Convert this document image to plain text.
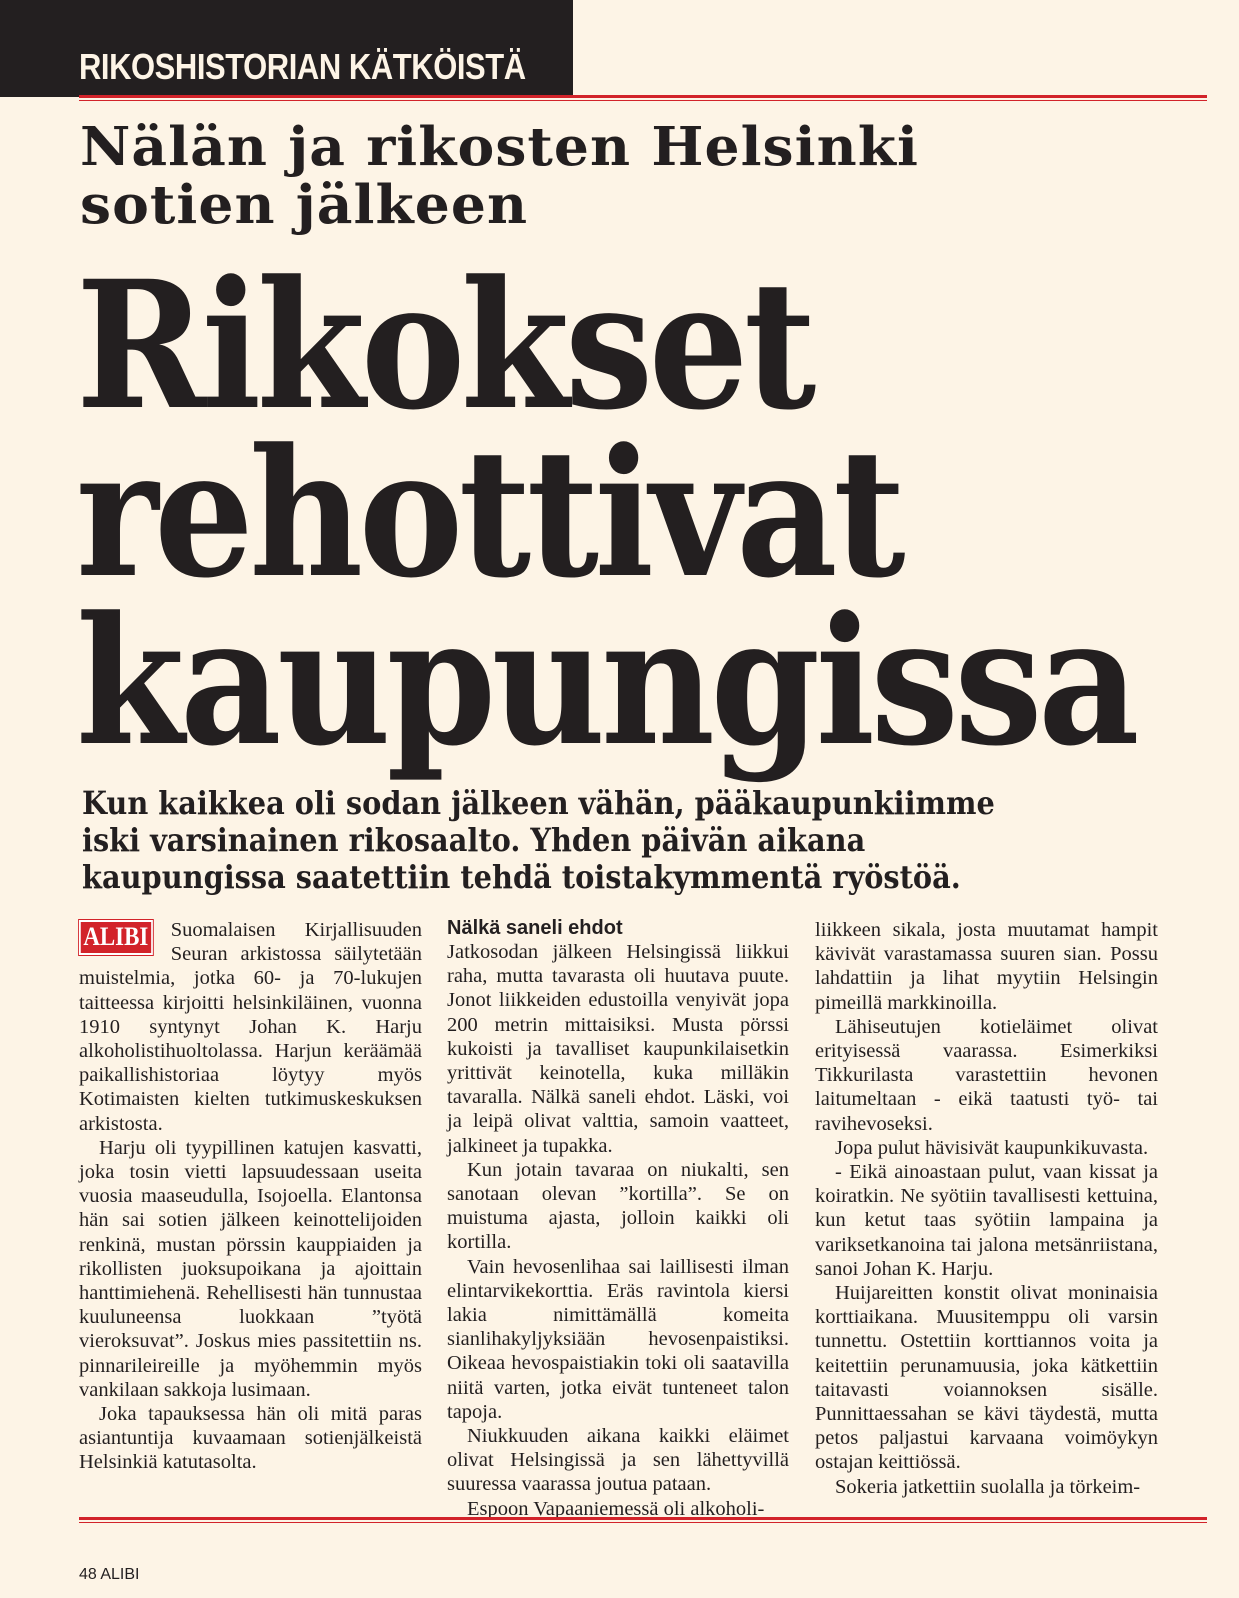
RIKOSHISTORIAN KÄTKÖISTÄ
Nälän ja rikosten Helsinki
sotien jälkeen
Rikokset
rehottivat
kaupungissa
Kun kaikkea oli sodan jälkeen vähän, pääkaupunkiimme
iski varsinainen rikosaalto. Yhden päivän aikana
kaupungissa saatettiin tehdä toistakymmentä ryöstöä.
ALIBI	Suomalaisen Kirjallisuuden Seuran arkistossa säilytetään muistelmia, jotka 60- ja 70-lukujen taitteessa kirjoitti helsinkiläinen, vuonna 1910 syntynyt Johan K. Harju alkoholistihuoltolassa. Harjun keräämää paikallishistoriaa löytyy myös Kotimaisten kielten tutkimuskeskuksen arkistosta.

Harju oli tyypillinen katujen kasvatti, joka tosin vietti lapsuudessaan useita vuosia maaseudulla, Isojoella. Elantonsa hän sai sotien jälkeen keinottelijoiden renkinä, mustan pörssin kauppiaiden ja rikollisten juoksupoikana ja ajoittain hanttimiehenä. Rehellisesti hän tunnustaa kuuluneensa luokkaan ”työtä vieroksuvat”. Joskus mies passitettiin ns. pinnarileireille ja myöhemmin myös vankilaan sakkoja lusimaan.

Joka tapauksessa hän oli mitä paras asiantuntija kuvaamaan sotienjälkeistä Helsinkiä katutasolta.

Nälkä saneli ehdot

Jatkosodan jälkeen Helsingissä liikkui raha, mutta tavarasta oli huutava puute. Jonot liikkeiden edustoilla venyivät jopa 200 metrin mittaisiksi. Musta pörssi kukoisti ja tavalliset kaupunkilaisetkin yrittivät keinotella, kuka milläkin tavaralla. Nälkä saneli ehdot. Läski, voi ja leipä olivat valttia, samoin vaatteet, jalkineet ja tupakka.

Kun jotain tavaraa on niukalti, sen sanotaan olevan ”kortilla”. Se on muistuma ajasta, jolloin kaikki oli kortilla.

Vain hevosenlihaa sai laillisesti ilman elintarvikekorttia. Eräs ravintola kiersi lakia nimittämällä komeita sianlihakyljyksiään hevosenpaistiksi. Oikeaa hevospaistiakin toki oli saatavilla niitä varten, jotka eivät tunteneet talon tapoja.

Niukkuuden aikana kaikki eläimet olivat Helsingissä ja sen lähettyvillä suuressa vaarassa joutua pataan.

Espoon Vapaaniemessä oli alkoholi-

liikkeen sikala, josta muutamat hampit kävivät varastamassa suuren sian. Possu lahdattiin ja lihat myytiin Helsingin pimeillä markkinoilla.

Lähiseutujen kotieläimet olivat erityisessä vaarassa. Esimerkiksi Tikkurilasta varastettiin hevonen laitumeltaan - eikä taatusti työ- tai ravihevoseksi.

Jopa pulut hävisivät kaupunkikuvasta.

- Eikä ainoastaan pulut, vaan kissat ja koiratkin. Ne syötiin tavallisesti kettuina, kun ketut taas syötiin lampaina ja variksetkanoina tai jalona metsänriistana, sanoi Johan K. Harju.

Huijareitten konstit olivat moninaisia korttiaikana. Muusitemppu oli varsin tunnettu. Ostettiin korttiannos voita ja keitettiin perunamuusia, joka kätkettiin taitavasti voiannoksen sisälle. Punnittaessahan se kävi täydestä, mutta petos paljastui karvaana voimöykyn ostajan keittiössä.

Sokeria jatkettiin suolalla ja törkeim-

48 ALIBI
